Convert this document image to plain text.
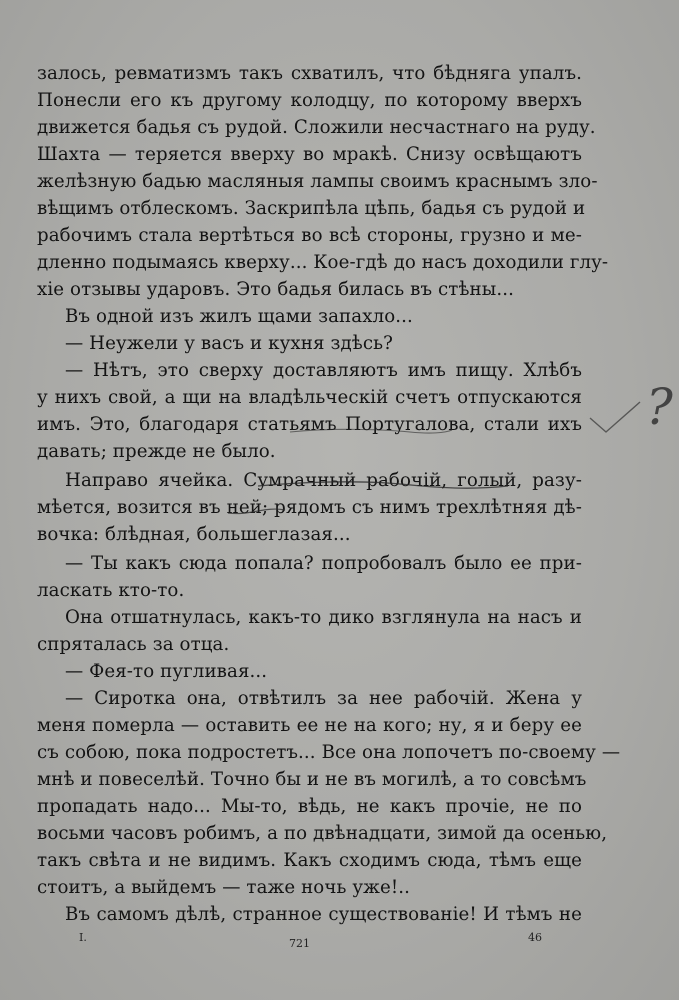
залось, ревматизмъ такъ схватилъ, что бѣдняга упалъ.
Понесли его къ другому колодцу, по которому вверхъ
движется бадья съ рудой. Сложили несчастнаго на руду.
Шахта — теряется вверху во мракѣ. Снизу освѣщаютъ
желѣзную бадью масляныя лампы своимъ краснымъ зло-
вѣщимъ отблескомъ. Заскрипѣла цѣпь, бадья съ рудой и
рабочимъ стала вертѣться во всѣ стороны, грузно и ме-
дленно подымаясь кверху... Кое-гдѣ до насъ доходили глу-
хіе отзывы ударовъ. Это бадья билась въ стѣны...
Въ одной изъ жилъ щами запахло...
— Неужели у васъ и кухня здѣсь?
— Нѣтъ, это сверху доставляютъ имъ пищу. Хлѣбъ
у нихъ свой, а щи на владѣльческій счетъ отпускаются
имъ. Это, благодаря статьямъ Португалова, стали ихъ
давать; прежде не было.
Направо ячейка. Сумрачный рабочій, голый, разу-
мѣется, возится въ ней; рядомъ съ нимъ трехлѣтняя дѣ-
вочка: блѣдная, большеглазая...
— Ты какъ сюда попала? попробовалъ было ее при-
ласкать кто-то.
Она отшатнулась, какъ-то дико взглянула на насъ и
спряталась за отца.
— Фея-то пугливая...
— Сиротка она, отвѣтилъ за нее рабочій. Жена у
меня померла — оставить ее не на кого; ну, я и беру ее
съ собою, пока подростетъ... Все она лопочетъ по-своему —
мнѣ и повеселѣй. Точно бы и не въ могилѣ, а то совсѣмъ
пропадать надо... Мы-то, вѣдь, не какъ прочіе, не по
восьми часовъ робимъ, а по двѣнадцати, зимой да осенью,
такъ свѣта и не видимъ. Какъ сходимъ сюда, тѣмъ еще
стоитъ, а выйдемъ — таже ночь уже!..
Въ самомъ дѣлѣ, странное существованіе! И тѣмъ не
?
I.	721	46
